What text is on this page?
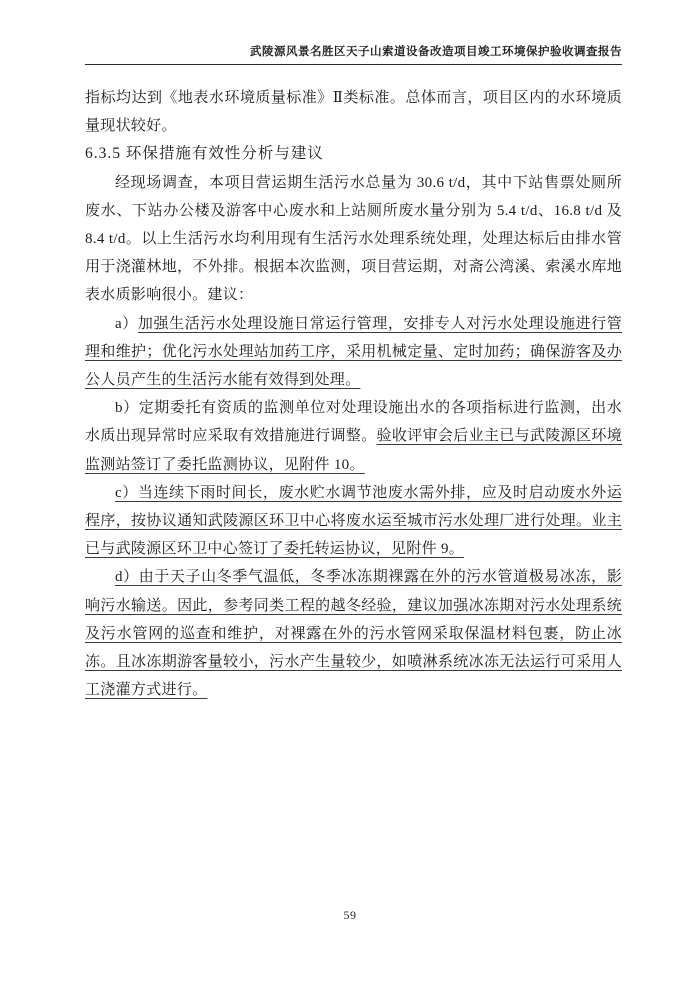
武陵源风景名胜区天子山索道设备改造项目竣工环境保护验收调查报告

指标均达到《地表水环境质量标准》Ⅱ类标准。总体而言，项目区内的水环境质量现状较好。

6.3.5 环保措施有效性分析与建议

经现场调查，本项目营运期生活污水总量为 30.6 t/d，其中下站售票处厕所废水、下站办公楼及游客中心废水和上站厕所废水量分别为 5.4 t/d、16.8 t/d 及 8.4 t/d。以上生活污水均利用现有生活污水处理系统处理，处理达标后由排水管用于浇灌林地，不外排。根据本次监测，项目营运期，对斋公湾溪、索溪水库地表水质影响很小。建议：

a）加强生活污水处理设施日常运行管理，安排专人对污水处理设施进行管理和维护；优化污水处理站加药工序，采用机械定量、定时加药；确保游客及办公人员产生的生活污水能有效得到处理。

b）定期委托有资质的监测单位对处理设施出水的各项指标进行监测，出水水质出现异常时应采取有效措施进行调整。验收评审会后业主已与武陵源区环境监测站签订了委托监测协议，见附件 10。

c）当连续下雨时间长，废水贮水调节池废水需外排，应及时启动废水外运程序，按协议通知武陵源区环卫中心将废水运至城市污水处理厂进行处理。业主已与武陵源区环卫中心签订了委托转运协议，见附件 9。

d）由于天子山冬季气温低，冬季冰冻期裸露在外的污水管道极易冰冻，影响污水输送。因此，参考同类工程的越冬经验，建议加强冰冻期对污水处理系统及污水管网的巡查和维护，对裸露在外的污水管网采取保温材料包裹，防止冰冻。且冰冻期游客量较小，污水产生量较少，如喷淋系统冰冻无法运行可采用人工浇灌方式进行。

59
